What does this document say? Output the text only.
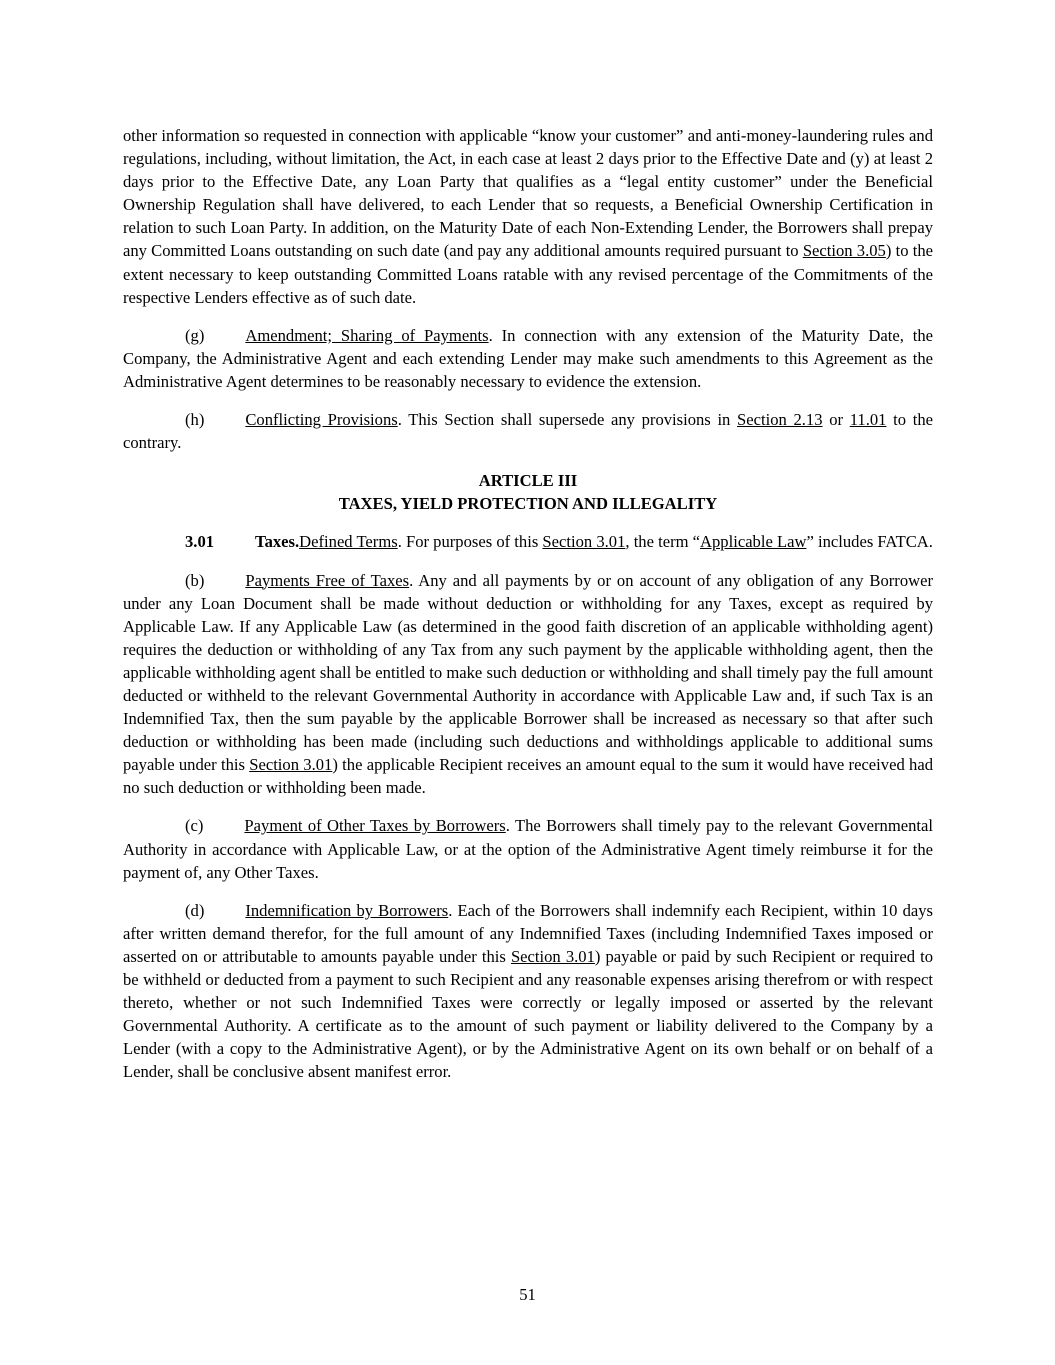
other information so requested in connection with applicable “know your customer” and anti-money-laundering rules and regulations, including, without limitation, the Act, in each case at least 2 days prior to the Effective Date and (y) at least 2 days prior to the Effective Date, any Loan Party that qualifies as a “legal entity customer” under the Beneficial Ownership Regulation shall have delivered, to each Lender that so requests, a Beneficial Ownership Certification in relation to such Loan Party. In addition, on the Maturity Date of each Non-Extending Lender, the Borrowers shall prepay any Committed Loans outstanding on such date (and pay any additional amounts required pursuant to Section 3.05) to the extent necessary to keep outstanding Committed Loans ratable with any revised percentage of the Commitments of the respective Lenders effective as of such date.

(g) Amendment; Sharing of Payments. In connection with any extension of the Maturity Date, the Company, the Administrative Agent and each extending Lender may make such amendments to this Agreement as the Administrative Agent determines to be reasonably necessary to evidence the extension.

(h) Conflicting Provisions. This Section shall supersede any provisions in Section 2.13 or 11.01 to the contrary.

ARTICLE III
TAXES, YIELD PROTECTION AND ILLEGALITY

3.01 Taxes.Defined Terms. For purposes of this Section 3.01, the term “Applicable Law” includes FATCA.

(b) Payments Free of Taxes. Any and all payments by or on account of any obligation of any Borrower under any Loan Document shall be made without deduction or withholding for any Taxes, except as required by Applicable Law. If any Applicable Law (as determined in the good faith discretion of an applicable withholding agent) requires the deduction or withholding of any Tax from any such payment by the applicable withholding agent, then the applicable withholding agent shall be entitled to make such deduction or withholding and shall timely pay the full amount deducted or withheld to the relevant Governmental Authority in accordance with Applicable Law and, if such Tax is an Indemnified Tax, then the sum payable by the applicable Borrower shall be increased as necessary so that after such deduction or withholding has been made (including such deductions and withholdings applicable to additional sums payable under this Section 3.01) the applicable Recipient receives an amount equal to the sum it would have received had no such deduction or withholding been made.

(c) Payment of Other Taxes by Borrowers. The Borrowers shall timely pay to the relevant Governmental Authority in accordance with Applicable Law, or at the option of the Administrative Agent timely reimburse it for the payment of, any Other Taxes.

(d) Indemnification by Borrowers. Each of the Borrowers shall indemnify each Recipient, within 10 days after written demand therefor, for the full amount of any Indemnified Taxes (including Indemnified Taxes imposed or asserted on or attributable to amounts payable under this Section 3.01) payable or paid by such Recipient or required to be withheld or deducted from a payment to such Recipient and any reasonable expenses arising therefrom or with respect thereto, whether or not such Indemnified Taxes were correctly or legally imposed or asserted by the relevant Governmental Authority. A certificate as to the amount of such payment or liability delivered to the Company by a Lender (with a copy to the Administrative Agent), or by the Administrative Agent on its own behalf or on behalf of a Lender, shall be conclusive absent manifest error.

51
